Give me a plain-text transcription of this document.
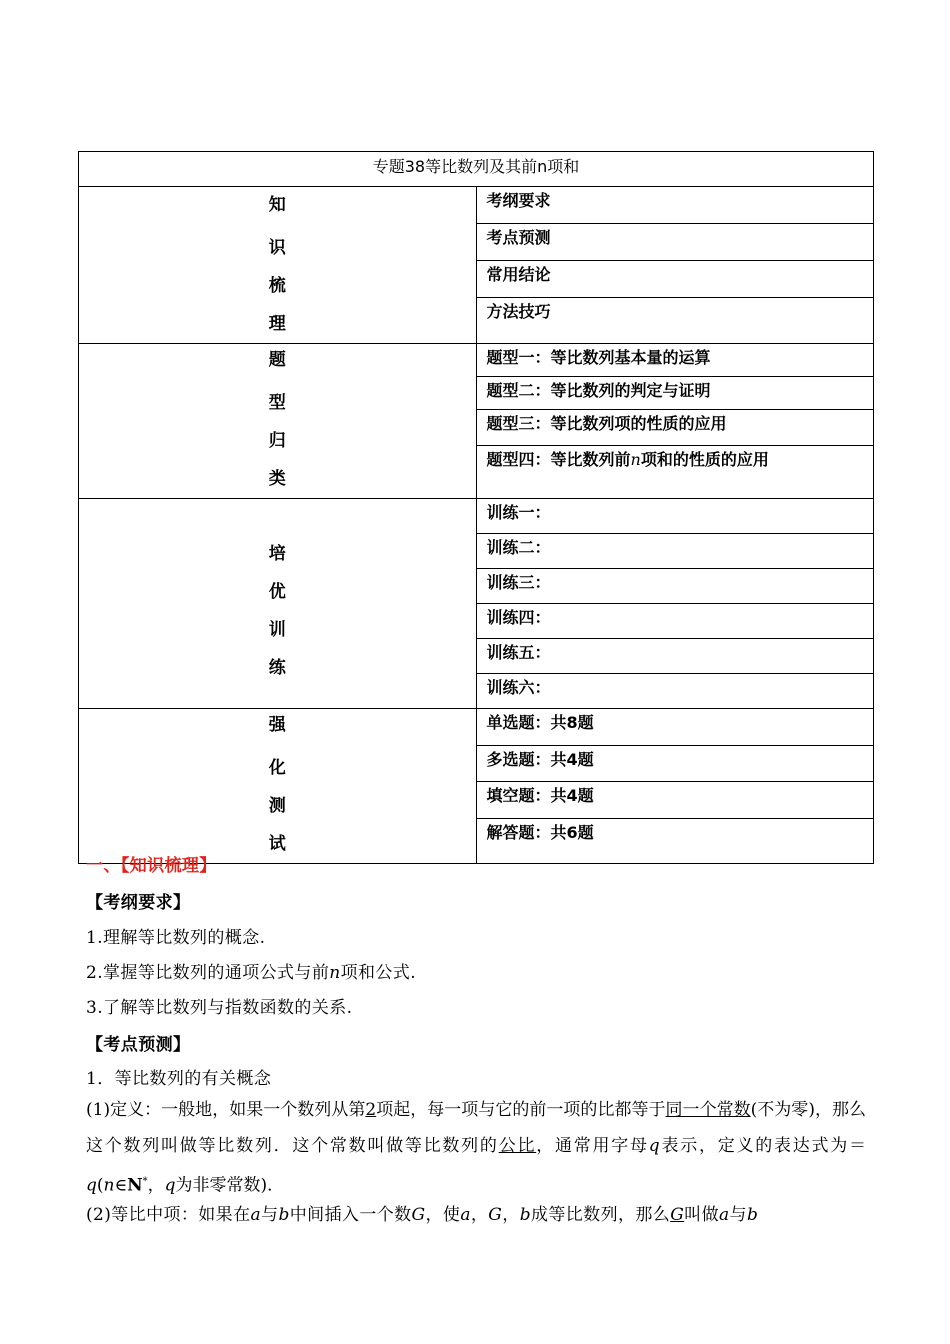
专题38等比数列及其前n项和	

知
识
梳
理	考纲要求
	考点预测
	常用结论
	方法技巧

题
型
归
类	题型一：等比数列基本量的运算
	题型二：等比数列的判定与证明
	题型三：等比数列项的性质的应用
	题型四：等比数列前n项和的性质的应用

培
优
训
练	训练一：
	训练二：
	训练三：
	训练四：
	训练五：
	训练六：

强
化
测
试	单选题：共8题
	多选题：共4题
	填空题：共4题
	解答题：共6题
一、【知识梳理】
【考纲要求】
1.理解等比数列的概念.
2.掌握等比数列的通项公式与前n项和公式.
3.了解等比数列与指数函数的关系.
【考点预测】
1．等比数列的有关概念
(1)定义：一般地，如果一个数列从第2项起，每一项与它的前一项的比都等于同一个常数(不为零)，那么这个数列叫做等比数列．这个常数叫做等比数列的公比，通常用字母q表示，定义的表达式为＝q(n∈N*，q为非零常数)．
(2)等比中项：如果在a与b中间插入一个数G，使a，G，b成等比数列，那么G叫做a与b
